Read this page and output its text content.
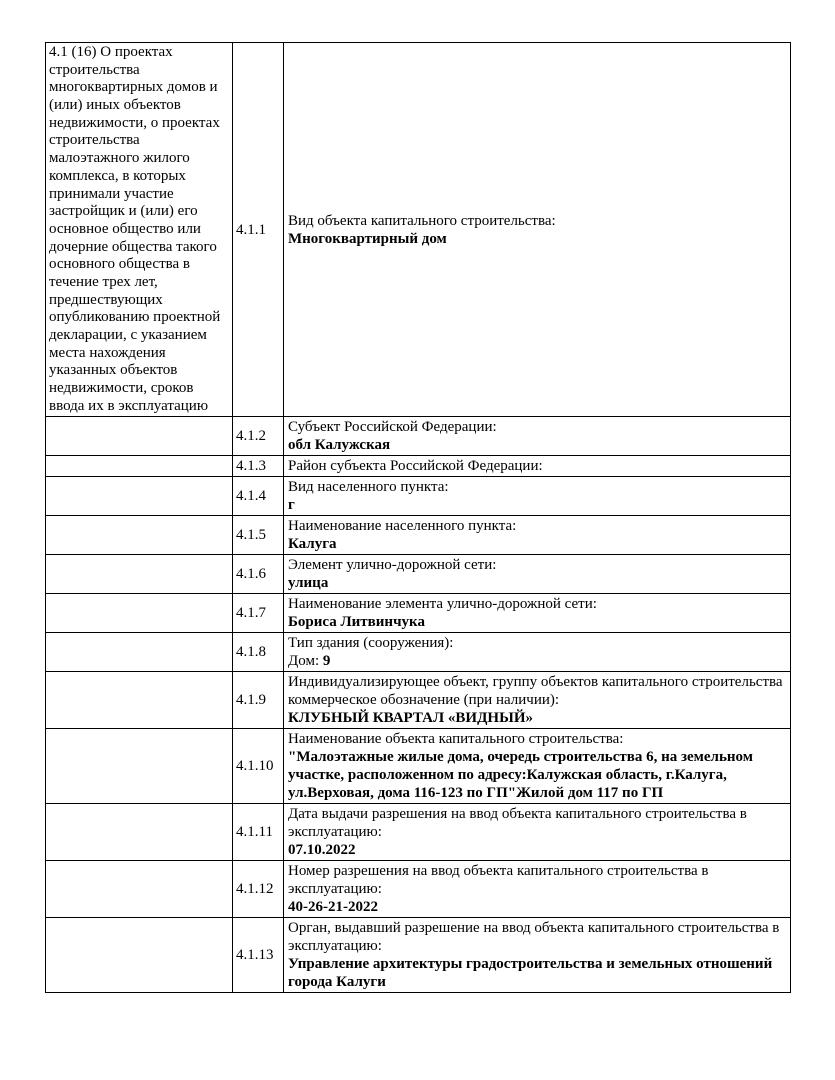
4.1 (16) О проектах строительства многоквартирных домов и (или) иных объектов недвижимости, о проектах строительства малоэтажного жилого комплекса, в которых принимали участие застройщик и (или) его основное общество или дочерние общества такого основного общества в течение трех лет, предшествующих опубликованию проектной декларации, с указанием места нахождения указанных объектов недвижимости, сроков ввода их в эксплуатацию	4.1.1	Вид объекта капитального строительства:
Многоквартирный дом

	4.1.2	Субъект Российской Федерации:
обл Калужская

	4.1.3	Район субъекта Российской Федерации:

	4.1.4	Вид населенного пункта:
г

	4.1.5	Наименование населенного пункта:
Калуга

	4.1.6	Элемент улично-дорожной сети:
улица

	4.1.7	Наименование элемента улично-дорожной сети:
Бориса Литвинчука

	4.1.8	Тип здания (сооружения):
Дом: 9

	4.1.9	Индивидуализирующее объект, группу объектов капитального строительства коммерческое обозначение (при наличии):
КЛУБНЫЙ КВАРТАЛ «ВИДНЫЙ»

	4.1.10	Наименование объекта капитального строительства:
"Малоэтажные жилые дома, очередь строительства 6, на земельном участке, расположенном по адресу:Калужская область, г.Калуга, ул.Верховая, дома 116-123 по ГП"Жилой дом 117 по ГП

	4.1.11	Дата выдачи разрешения на ввод объекта капитального строительства в эксплуатацию:
07.10.2022

	4.1.12	Номер разрешения на ввод объекта капитального строительства в эксплуатацию:
40-26-21-2022

	4.1.13	Орган, выдавший разрешение на ввод объекта капитального строительства в эксплуатацию:
Управление архитектуры градостроительства и земельных отношений города Калуги
